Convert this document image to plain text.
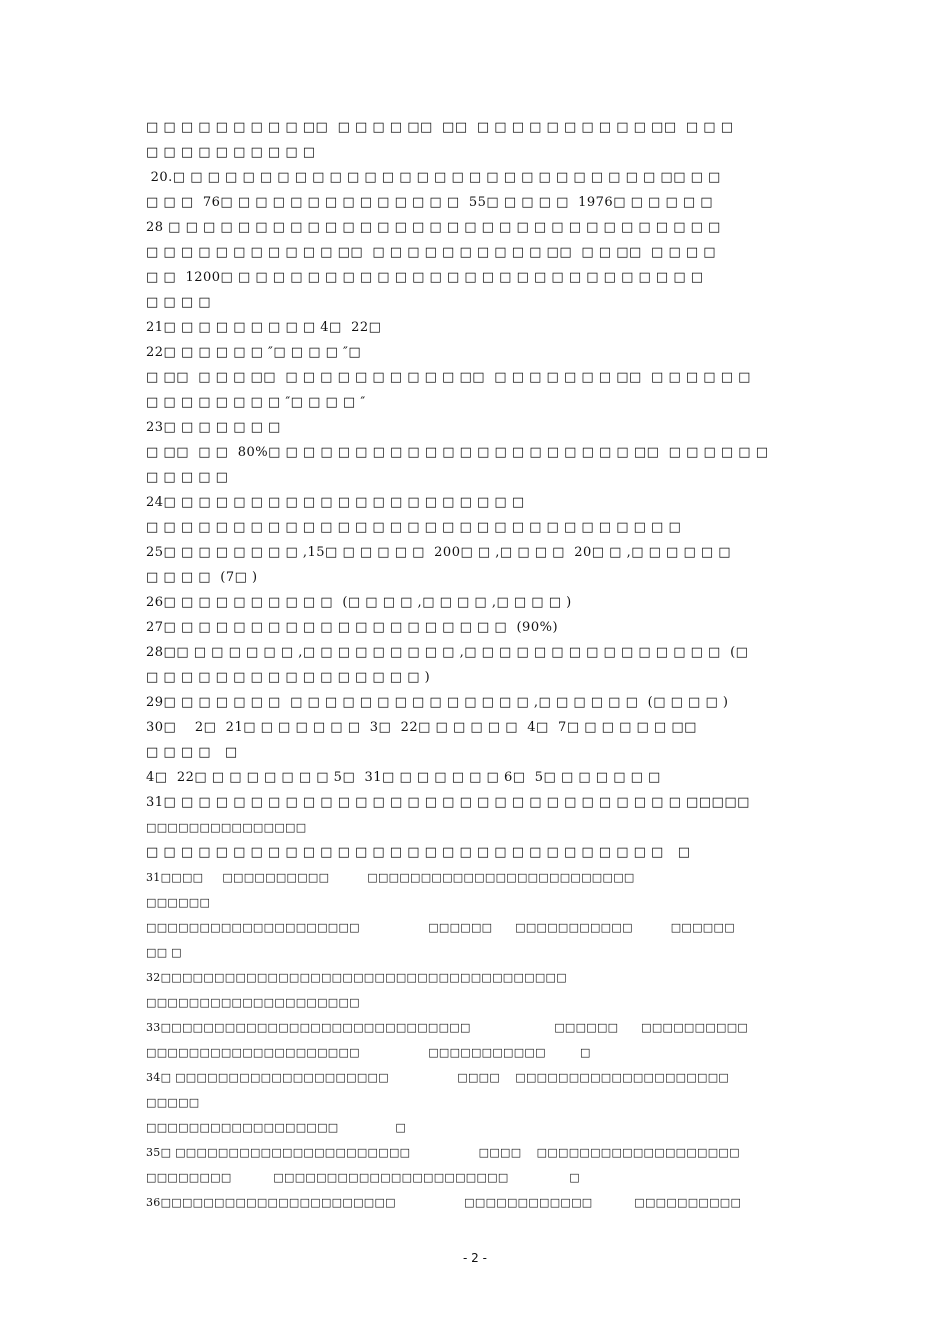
□ □ □ □ □ □ □ □ □ □□  □ □ □ □ □□  □□  □ □ □ □ □ □ □ □ □ □ □□  □ □ □
□ □ □ □ □ □ □ □ □ □
20.□ □ □ □ □ □ □ □ □ □ □ □ □ □ □ □ □ □ □ □ □ □ □ □ □ □ □ □ □□ □ □
□ □ □  76□ □ □ □ □ □ □ □ □ □ □ □ □ □  55□ □ □ □ □  1976□ □ □ □ □ □
28 □ □ □ □ □ □ □ □ □ □ □ □ □ □ □ □ □ □ □ □ □ □ □ □ □ □ □ □ □ □ □ □
□ □ □ □ □ □ □ □ □ □ □ □□  □ □ □ □ □ □ □ □ □ □ □□  □ □ □□  □ □ □ □
□ □  1200□ □ □ □ □ □ □ □ □ □ □ □ □ □ □ □ □ □ □ □ □ □ □ □ □ □ □ □
□ □ □ □
21□ □ □ □ □ □ □ □ □ 4□  22□
22□ □ □ □ □ □ ″□ □ □ □ ″□
□ □□  □ □ □ □□  □ □ □ □ □ □ □ □ □ □ □□  □ □ □ □ □ □ □ □□  □ □ □ □ □ □
□ □ □ □ □ □ □ □ ″□ □ □ □ ″
23□ □ □ □ □ □ □
□ □□  □ □  80%□ □ □ □ □ □ □ □ □ □ □ □ □ □ □ □ □ □ □ □ □ □□  □ □ □ □ □ □
□ □ □ □ □
24□ □ □ □ □ □ □ □ □ □ □ □ □ □ □ □ □ □ □ □ □
□ □ □ □ □ □ □ □ □ □ □ □ □ □ □ □ □ □ □ □ □ □ □ □ □ □ □ □ □ □ □
25□ □ □ □ □ □ □ □ ,15□ □ □ □ □ □  200□ □ ,□ □ □ □  20□ □ ,□ □ □ □ □ □
□ □ □ □  (7□ )
26□ □ □ □ □ □ □ □ □ □  (□ □ □ □ ,□ □ □ □ ,□ □ □ □ )
27□ □ □ □ □ □ □ □ □ □ □ □ □ □ □ □ □ □ □ □  (90%)
28□□ □ □ □ □ □ □ ,□ □ □ □ □ □ □ □ □ ,□ □ □ □ □ □ □ □ □ □ □ □ □ □ □  (□
□ □ □ □ □ □ □ □ □ □ □ □ □ □ □ □ )
29□ □ □ □ □ □ □  □ □ □ □ □ □ □ □ □ □ □ □ □ □ ,□ □ □ □ □ □  (□ □ □ □ )
30□    2□  21□ □ □ □ □ □ □  3□  22□ □ □ □ □ □  4□  7□ □ □ □ □ □ □□
□ □ □ □   □
4□  22□ □ □ □ □ □ □ □ 5□  31□ □ □ □ □ □ □ 6□  5□ □ □ □ □ □ □
31□ □ □ □ □ □ □ □ □ □ □ □ □ □ □ □ □ □ □ □ □ □ □ □ □ □ □ □ □ □ □□□□□
□□□□□□□□□□□□□□□
□ □ □ □ □ □ □ □ □ □ □ □ □ □ □ □ □ □ □ □ □ □ □ □ □ □ □ □ □ □   □
31□□□□     □□□□□□□□□□          □□□□□□□□□□□□□□□□□□□□□□□□□
□□□□□□
□□□□□□□□□□□□□□□□□□□□                  □□□□□□      □□□□□□□□□□□          □□□□□□
□□ □
32□□□□□□□□□□□□□□□□□□□□□□□□□□□□□□□□□□□□□□
□□□□□□□□□□□□□□□□□□□□
33□□□□□□□□□□□□□□□□□□□□□□□□□□□□□                      □□□□□□      □□□□□□□□□□
□□□□□□□□□□□□□□□□□□□□                  □□□□□□□□□□□         □
34□ □□□□□□□□□□□□□□□□□□□□                  □□□□    □□□□□□□□□□□□□□□□□□□□
□□□□□
□□□□□□□□□□□□□□□□□□               □
35□ □□□□□□□□□□□□□□□□□□□□□□                  □□□□    □□□□□□□□□□□□□□□□□□□
□□□□□□□□           □□□□□□□□□□□□□□□□□□□□□□                □
36□□□□□□□□□□□□□□□□□□□□□□                  □□□□□□□□□□□□           □□□□□□□□□□
- 2 -
